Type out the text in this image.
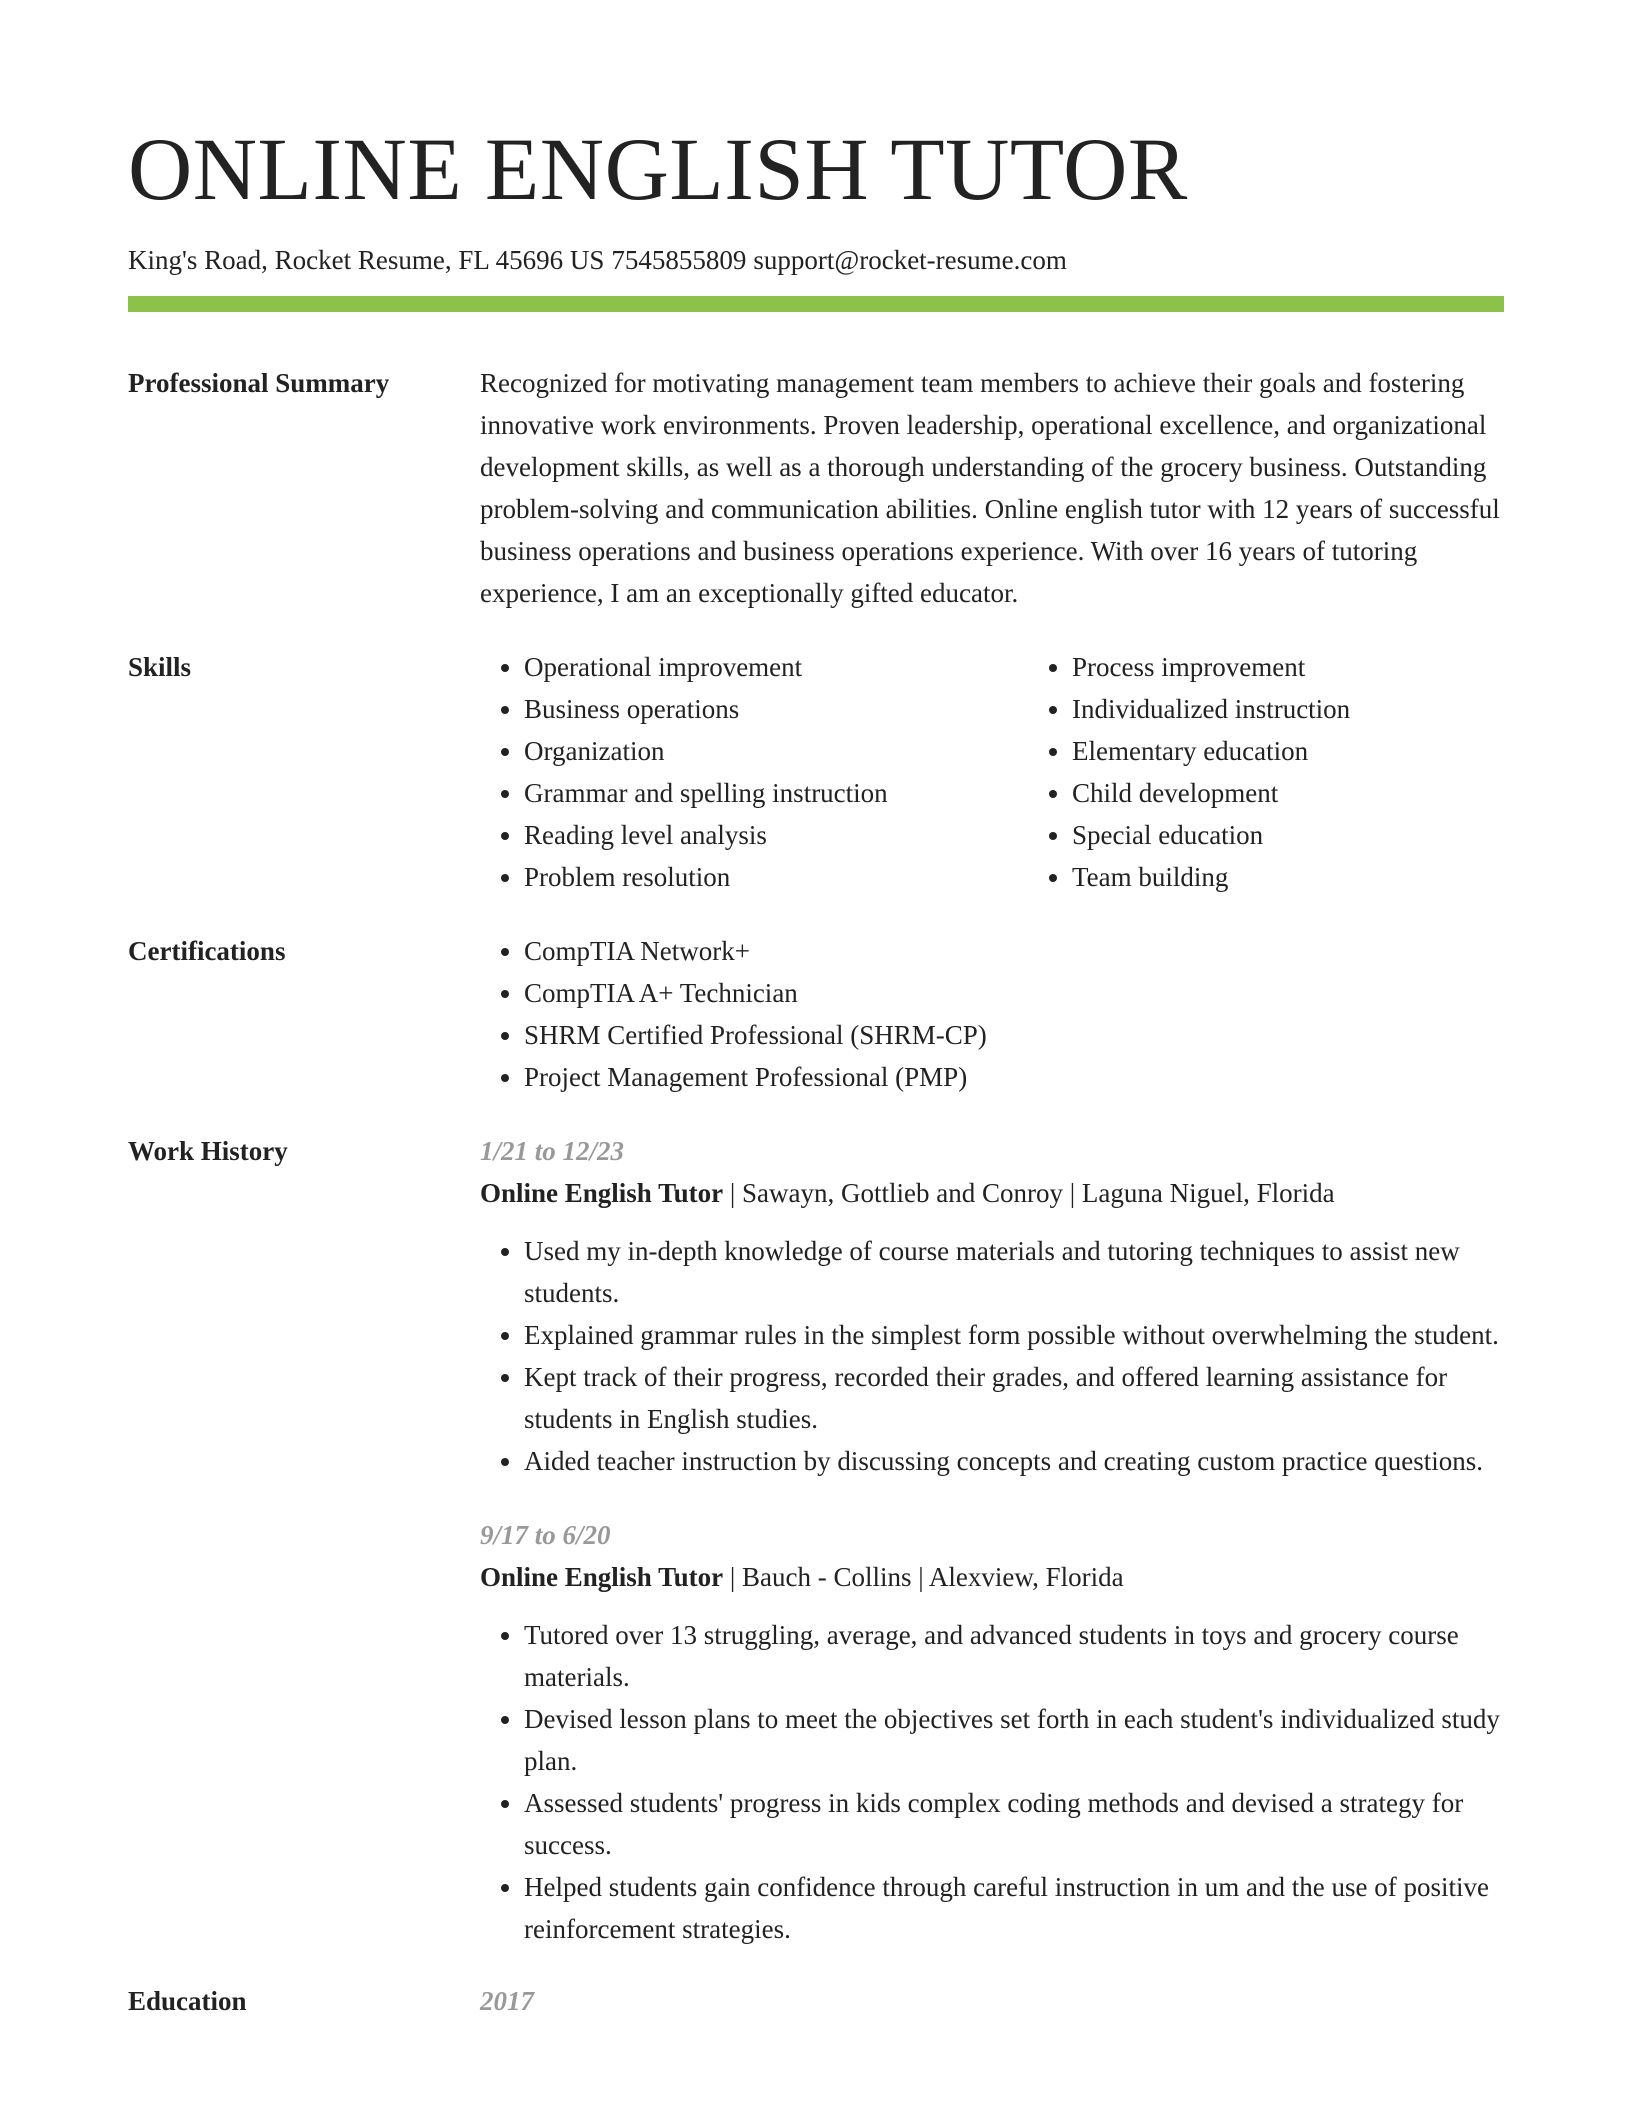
ONLINE ENGLISH TUTOR
King's Road, Rocket Resume, FL 45696 US 7545855809 support@rocket-resume.com
Professional Summary	Recognized for motivating management team members to achieve their goals and fostering innovative work environments. Proven leadership, operational excellence, and organizational development skills, as well as a thorough understanding of the grocery business. Outstanding problem-solving and communication abilities. Online english tutor with 12 years of successful business operations and business operations experience. With over 16 years of tutoring experience, I am an exceptionally gifted educator.

Skills	• Operational improvement
• Business operations
• Organization
• Grammar and spelling instruction
• Reading level analysis
• Problem resolution
• Process improvement
• Individualized instruction
• Elementary education
• Child development
• Special education
• Team building
Certifications	• CompTIA Network+
• CompTIA A+ Technician
• SHRM Certified Professional (SHRM-CP)
• Project Management Professional (PMP)
Work History	1/21 to 12/23
Online English Tutor | Sawayn, Gottlieb and Conroy | Laguna Niguel, Florida
• Used my in-depth knowledge of course materials and tutoring techniques to assist new students.
• Explained grammar rules in the simplest form possible without overwhelming the student.
• Kept track of their progress, recorded their grades, and offered learning assistance for students in English studies.
• Aided teacher instruction by discussing concepts and creating custom practice questions.
9/17 to 6/20
Online English Tutor | Bauch - Collins | Alexview, Florida
• Tutored over 13 struggling, average, and advanced students in toys and grocery course materials.
• Devised lesson plans to meet the objectives set forth in each student's individualized study plan.
• Assessed students' progress in kids complex coding methods and devised a strategy for success.
• Helped students gain confidence through careful instruction in um and the use of positive reinforcement strategies.
Education	2017
